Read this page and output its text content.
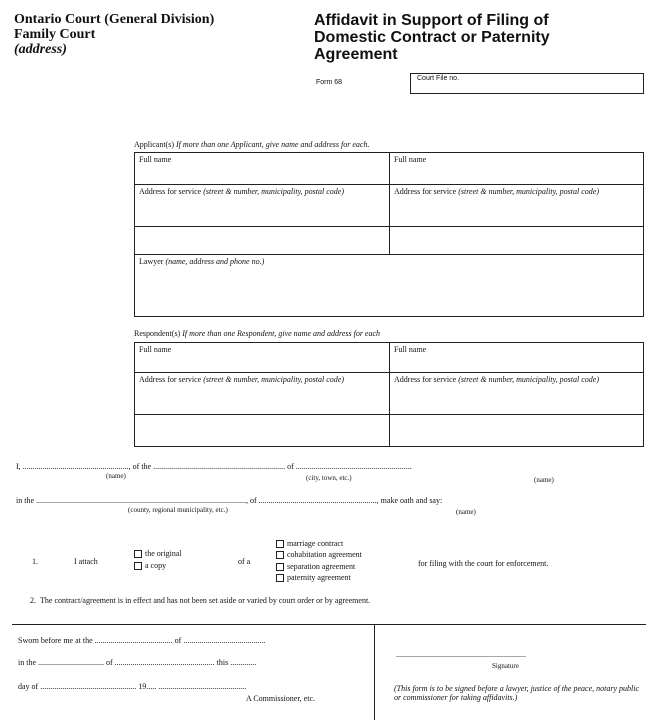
Ontario Court (General Division)
Family Court
(address)
Affidavit in Support of Filing of
Domestic Contract or Paternity
Agreement
Form 68
Court File no.
Applicant(s) If more than one Applicant, give name and address for each.
Full name	Full name
Address for service (street & number, municipality, postal code)	Address for service (street & number, municipality, postal code)

Lawyer (name, address and phone no.)	
Respondent(s) If more than one Respondent, give name and address for each
Full name	Full name
Address for service (street & number, municipality, postal code)	Address for service (street & number, municipality, postal code)

I, ....................................................., of the .................................................................. of ..........................................................
(name)	(city, town, etc.)	(name)
in the ........................................................................................................., of ..........................................................., make oath and say:
(county, regional municipality, etc.)	(name)
1.	I attach
the original
a copy	of a
marriage contract
cohabitation agreement
separation agreement
paternity agreement
for filing with the court for enforcement.
2. The contract/agreement is in effect and has not been set aside or varied by court order or by agreement.
Sworn before me at the ....................................... of .........................................
in the ................................. of .................................................. this .............
day of ................................................ 19..... ............................................
A Commissioner, etc.
.................................................................
Signature
(This form is to be signed before a lawyer, justice of the peace, notary public or commissioner for taking affidavits.)
